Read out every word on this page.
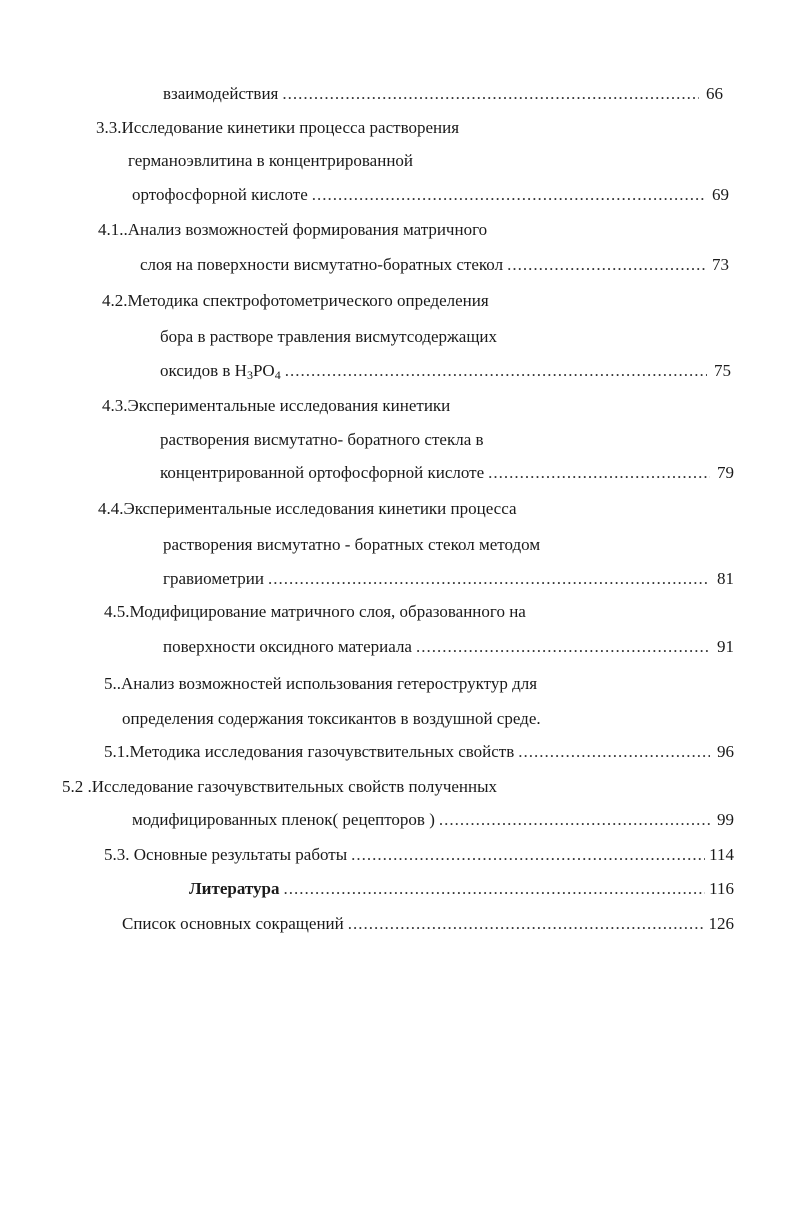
взаимодействия .....	66
3.3.Исследование кинетики процесса растворения
германоэвлитина в концентрированной
ортофосфорной кислоте .....	69
4.1..Анализ возможностей формирования матричного
слоя на поверхности висмутатно-боратных стекол .....	73
4.2.Методика спектрофотометрического определения
бора в растворе травления висмутсодержащих
оксидов в $H_3PO_4$ .....	75
4.3.Экспериментальные исследования кинетики
растворения висмутатно- боратного стекла в
концентрированной ортофосфорной кислоте .....	79
4.4.Экспериментальные исследования кинетики процесса
растворения висмутатно - боратных стекол методом
гравиометрии .....	81
4.5.Модифицирование матричного слоя, образованного на
поверхности оксидного материала .....	91
5..Анализ возможностей использования гетероструктур для
определения содержания токсикантов в воздушной среде.
5.1.Методика исследования газочувствительных свойств .....	96
5.2 .Исследование газочувствительных свойств полученных
модифицированных пленок( рецепторов ) .....	99
5.3. Основные результаты работы .....	114
Литература .....	116
Список основных сокращений .....	126
